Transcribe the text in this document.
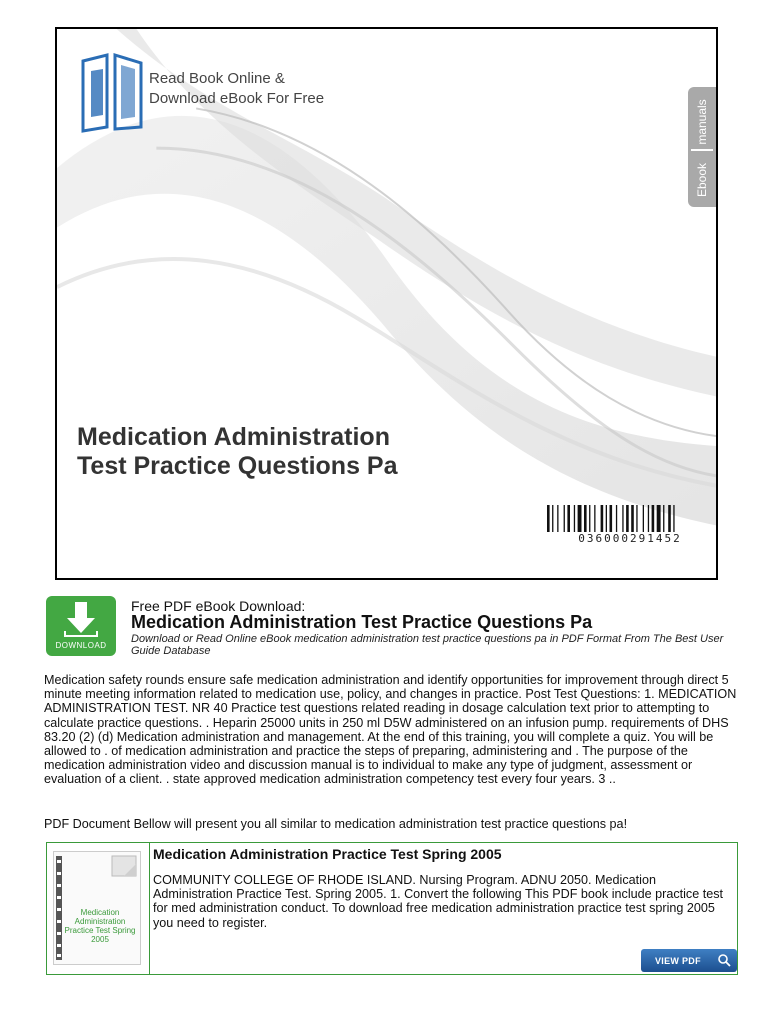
Read Book Online &
Download eBook For Free
manuals
Ebook
Medication Administration
Test Practice Questions Pa
036000291452
DOWNLOAD
Free PDF eBook Download:
Medication Administration Test Practice Questions Pa
Download or Read Online eBook medication administration test practice questions pa in PDF Format From The Best User
Guide Database
Medication safety rounds ensure safe medication administration and identify opportunities for improvement through direct 5 minute meeting information related to medication use, policy, and changes in practice. Post Test Questions: 1. MEDICATION ADMINISTRATION TEST. NR 40 Practice test questions related reading in dosage calculation text prior to attempting to calculate practice questions. . Heparin 25000 units in 250 ml D5W administered on an infusion pump. requirements of DHS 83.20 (2) (d) Medication administration and management. At the end of this training, you will complete a quiz. You will be allowed to . of medication administration and practice the steps of preparing, administering and . The purpose of the medication administration video and discussion manual is to individual to make any type of judgment, assessment or evaluation of a client. . state approved medication administration competency test every four years. 3 ..
PDF Document Bellow will present you all similar to medication administration test practice questions pa!
Medication Administration Practice Test Spring 2005
Medication Administration Practice Test Spring 2005
COMMUNITY COLLEGE OF RHODE ISLAND. Nursing Program. ADNU 2050. Medication Administration Practice Test. Spring 2005. 1. Convert the following This PDF book include practice test for med administration conduct. To download free medication administration practice test spring 2005 you need to register.
VIEW PDF
